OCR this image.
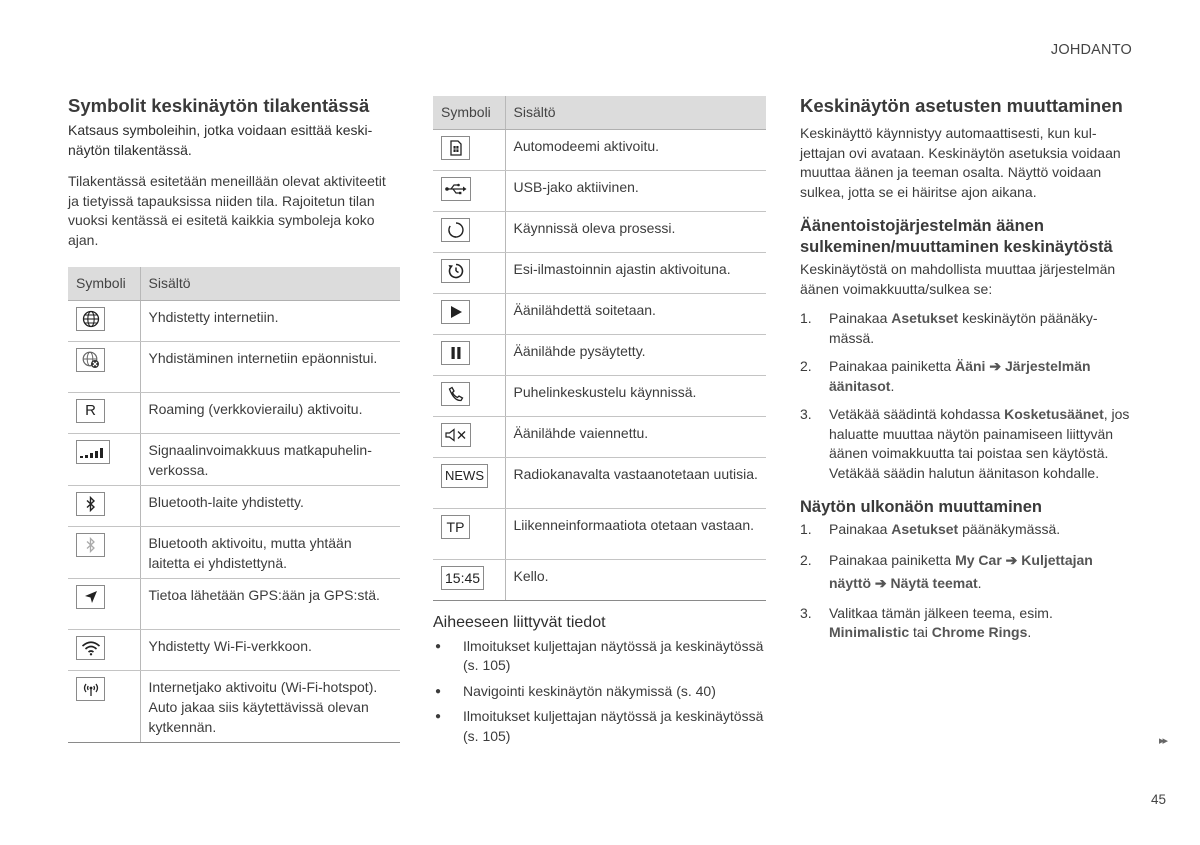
JOHDANTO
Symbolit keskinäytön tilakentässä

Katsaus symboleihin, jotka voidaan esittää keskinäytön tilakentässä.

Tilakentässä esitetään meneillään olevat aktiviteetit ja tietyissä tapauksissa niiden tila. Rajoitetun tilan vuoksi kentässä ei esitetä kaikkia symboleja koko ajan.

Symboli	Sisältö

	Yhdistetty internetiin.

	Yhdistäminen internetiin epäonnistui.
R	Roaming (verkkovierailu) aktivoitu.

	Signaalinvoimakkuus matkapuhelinverkossa.

	Bluetooth-laite yhdistetty.

	Bluetooth aktivoitu, mutta yhtään laitetta ei yhdistettynä.

	Tietoa lähetään GPS:ään ja GPS:stä.

	Yhdistetty Wi-Fi-verkkoon.

	Internetjako aktivoitu (Wi-Fi-hotspot). Auto jakaa siis käytettävissä olevan kytkennän.
Symboli	Sisältö

	Automodeemi aktivoitu.

	USB-jako aktiivinen.

	Käynnissä oleva prosessi.

	Esi-ilmastoinnin ajastin aktivoituna.

	Äänilähdettä soitetaan.

	Äänilähde pysäytetty.

	Puhelinkeskustelu käynnissä.

	Äänilähde vaiennettu.
NEWS	Radiokanavalta vastaanotetaan uutisia.
TP	Liikenneinformaatiota otetaan vastaan.
15:45	Kello.
Aiheeseen liittyvät tiedot
● Ilmoitukset kuljettajan näytössä ja keskinäytössä (s. 105)
● Navigointi keskinäytön näkymissä (s. 40)
● Ilmoitukset kuljettajan näytössä ja keskinäytössä (s. 105)
Keskinäytön asetusten muuttaminen

Keskinäyttö käynnistyy automaattisesti, kun kuljettajan ovi avataan. Keskinäytön asetuksia voidaan muuttaa äänen ja teeman osalta. Näyttö voidaan sulkea, jotta se ei häiritse ajon aikana.

Äänentoistojärjestelmän äänen sulkeminen/muuttaminen keskinäytöstä

Keskinäytöstä on mahdollista muuttaa järjestelmän äänen voimakkuutta/sulkea se:

1. Painakaa Asetukset keskinäytön päänäkymässä.
2. Painakaa painiketta Ääni ➔ Järjestelmän äänitasot.
3. Vetäkää säädintä kohdassa Kosketusäänet, jos haluatte muuttaa näytön painamiseen liittyvän äänen voimakkuutta tai poistaa sen käytöstä. Vetäkää säädin halutun äänitason kohdalle.
Näytön ulkonäön muuttaminen
1. Painakaa Asetukset päänäkymässä.
2. Painakaa painiketta My Car ➔ Kuljettajan näyttö ➔ Näytä teemat.
3. Valitkaa tämän jälkeen teema, esim. Minimalistic tai Chrome Rings.
▸▸
45
